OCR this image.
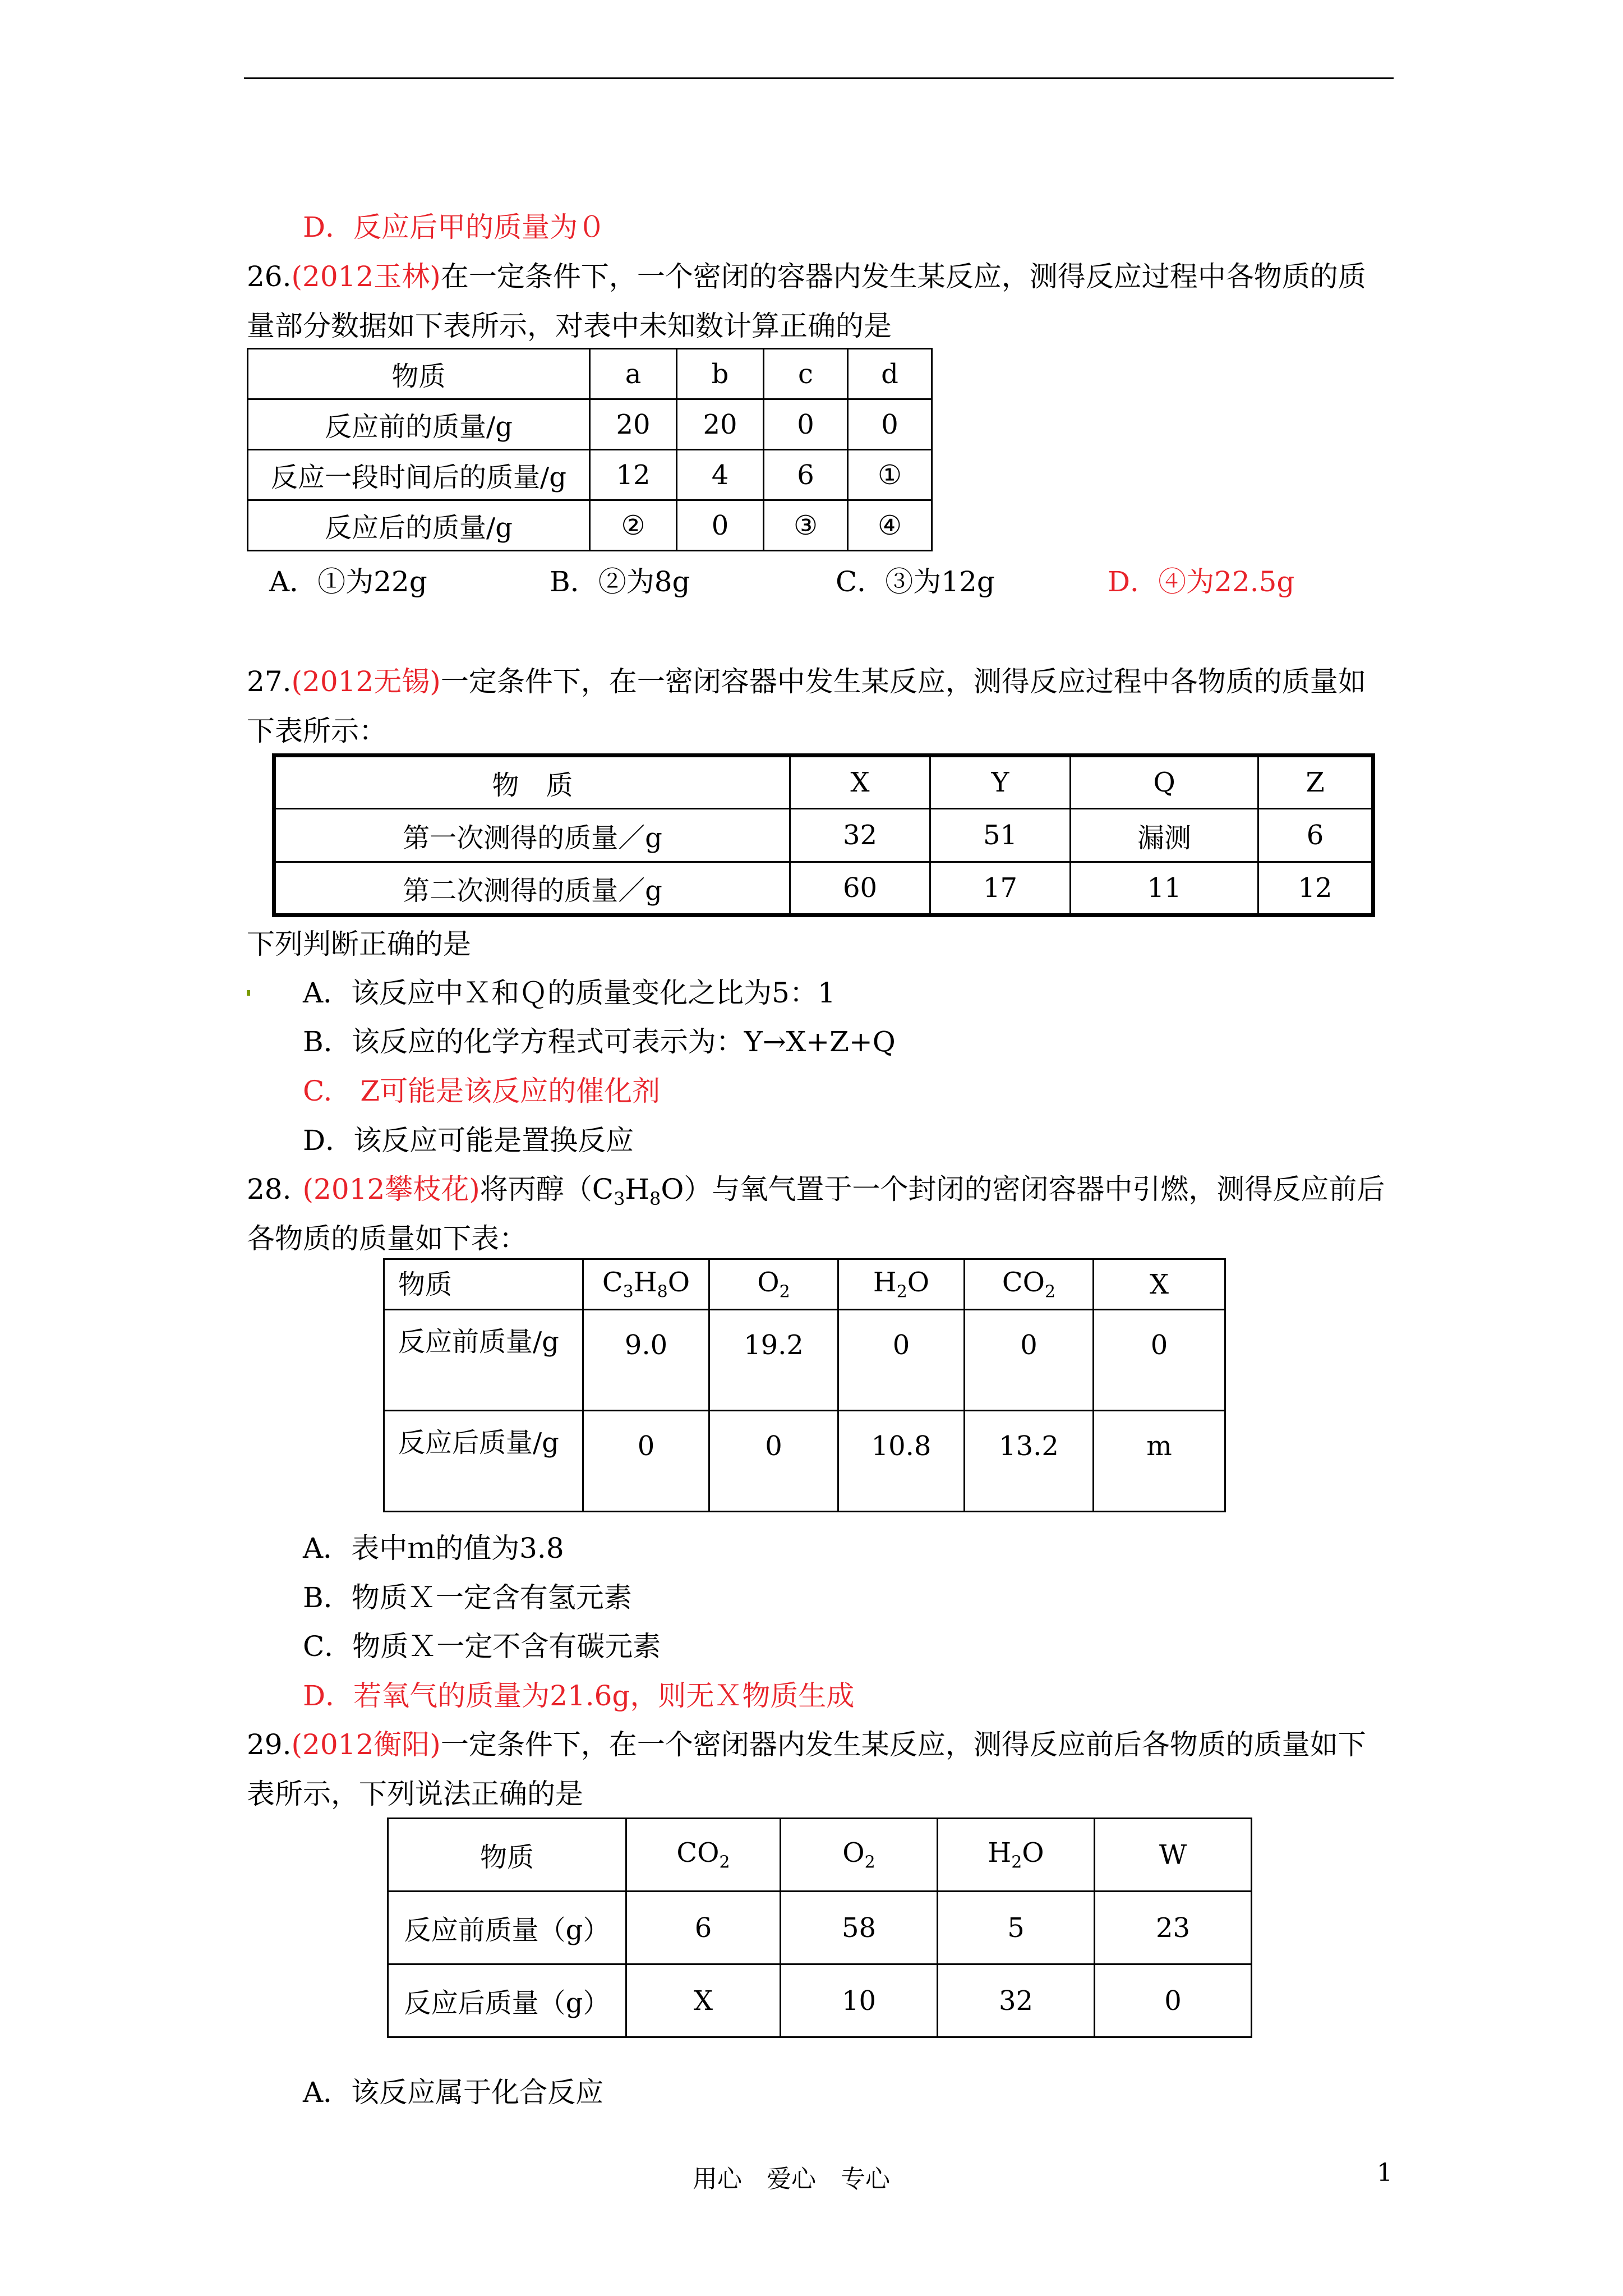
D．反应后甲的质量为０
26.(2012玉林)在一定条件下，一个密闭的容器内发生某反应，测得反应过程中各物质的质
量部分数据如下表所示，对表中未知数计算正确的是
物质	a	b	c	d
反应前的质量/g	20	20	0	0
反应一段时间后的质量/g	12	4	6	①
反应后的质量/g	②	0	③	④
A．①为22g	B．②为8g	C．③为12g	D．④为22.5g
27.(2012无锡)一定条件下，在一密闭容器中发生某反应，测得反应过程中各物质的质量如
下表所示：
物　质	X	Y	Q	Z
第一次测得的质量／g	32	51	漏测	6
第二次测得的质量／g	60	17	11	12
下列判断正确的是
A．该反应中Ｘ和Ｑ的质量变化之比为5：1
B．该反应的化学方程式可表示为：Y→X+Z+Q
C.　Z可能是该反应的催化剂
D．该反应可能是置换反应
28. (2012攀枝花)将丙醇$(C_3H_8O)$与氧气置于一个封闭的密闭容器中引燃，测得反应前后
各物质的质量如下表：
物质	$C_3H_8O$	$O_2$	$H_2O$	$CO_2$	X
反应前质量/g	9.0	19.2	0	0	0
反应后质量/g	0	0	10.8	13.2	m
A．表中ｍ的值为3.8
B．物质Ｘ一定含有氢元素
C．物质Ｘ一定不含有碳元素
D．若氧气的质量为21.6g，则无Ｘ物质生成
29.(2012衡阳)一定条件下，在一个密闭器内发生某反应，测得反应前后各物质的质量如下
表所示，下列说法正确的是
物质	$CO_2$	$O_2$	$H_2O$	W
反应前质量（g）	6	58	5	23
反应后质量（g）	X	10	32	0
A．该反应属于化合反应
用心　爱心　专心	1
